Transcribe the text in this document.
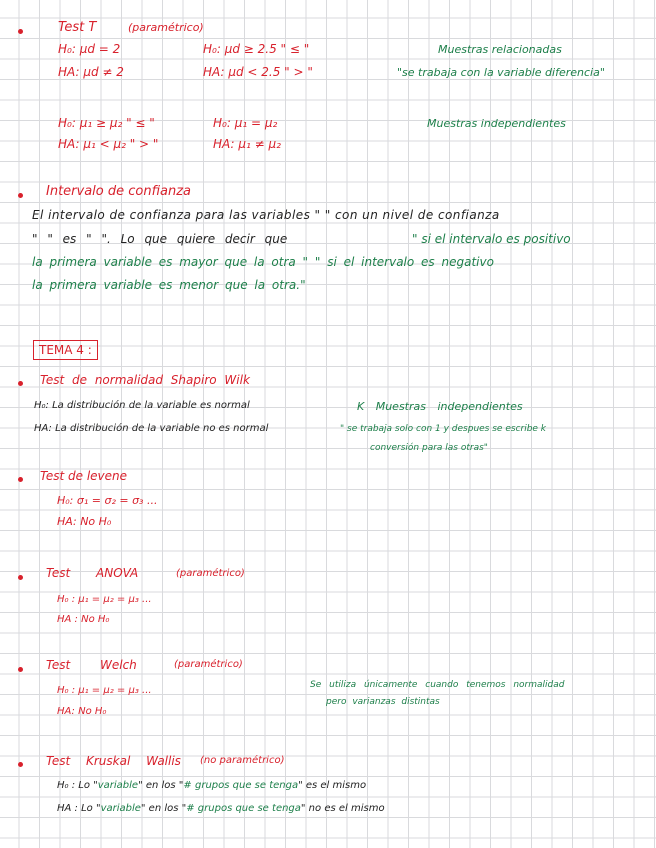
Test T	(paramétrico)
H₀: μd = 2
HA: μd ≠ 2
H₀: μd ≥ 2.5 " ≤ "
HA: μd < 2.5 " > "
Muestras relacionadas
"se trabaja con la variable diferencia"
H₀: μ₁ ≥ μ₂ " ≤ "
HA: μ₁ < μ₂ " > "
H₀: μ₁ = μ₂
HA: μ₁ ≠ μ₂
Muestras independientes
Intervalo de confianza
El intervalo de confianza para las variables " " con un nivel de confianza
" " es " ". Lo que quiere decir que	" si el intervalo es positivo
la primera variable es mayor que la otra " " si el intervalo es negativo
la primera variable es menor que la otra."
TEMA 4 :
Test de normalidad Shapiro Wilk
H₀: La distribución de la variable es normal
HA: La distribución de la variable no es normal
K Muestras independientes
" se trabaja solo con 1 y despues se escribe k
conversión para las otras"
Test de levene
H₀: σ₁ = σ₂ = σ₃ ...
HA: No H₀
Test ANOVA	(paramétrico)
H₀ : μ₁ = μ₂ = μ₃ ...
HA : No H₀
Test Welch	(paramétrico)
H₀ : μ₁ = μ₂ = μ₃ ...
HA: No H₀
Se utiliza únicamente cuando tenemos normalidad
pero varianzas distintas
Test Kruskal Wallis (no paramétrico)
H₀ : Lo "variable" en los "# grupos que se tenga" es el mismo
HA : Lo "variable" en los "# grupos que se tenga" no es el mismo
